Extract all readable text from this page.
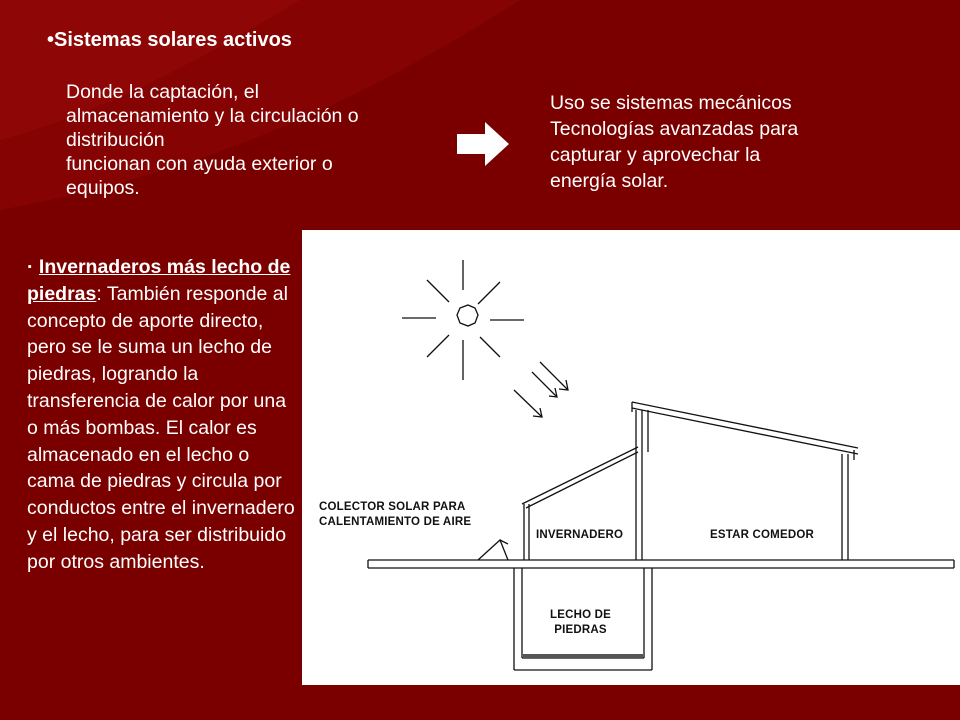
•Sistemas solares activos
Donde la captación, el
almacenamiento y la circulación o
distribución
funcionan con ayuda exterior o
equipos.
Uso se sistemas mecánicos
Tecnologías avanzadas para
capturar y aprovechar la
energía solar.
· Invernaderos más lecho de piedras: También responde al concepto de aporte directo, pero se le suma un lecho de piedras, logrando la transferencia de calor por una o más bombas. El calor es almacenado en el lecho o cama de piedras y circula por conductos entre el invernadero y el lecho, para ser distribuido por otros ambientes.
COLECTOR SOLAR PARA
CALENTAMIENTO DE AIRE
INVERNADERO	ESTAR COMEDOR
LECHO DE
PIEDRAS
